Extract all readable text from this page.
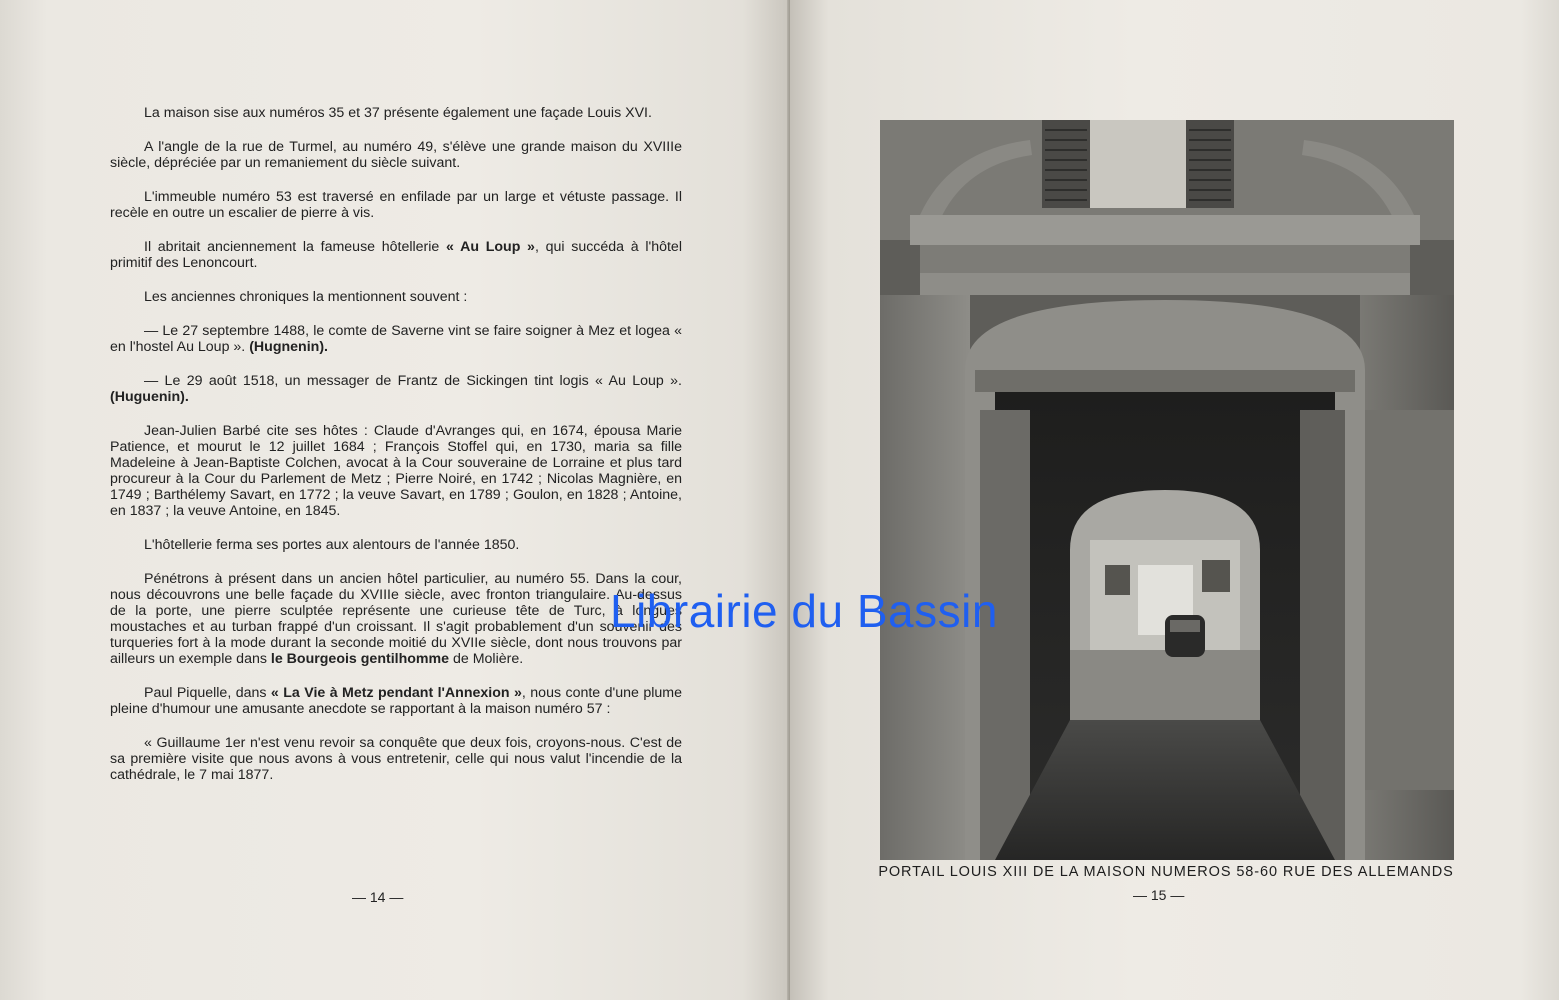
La maison sise aux numéros 35 et 37 présente également une façade Louis XVI.

A l'angle de la rue de Turmel, au numéro 49, s'élève une grande maison du XVIIIe siècle, dépréciée par un remaniement du siècle suivant.

L'immeuble numéro 53 est traversé en enfilade par un large et vétuste passage. Il recèle en outre un escalier de pierre à vis.

Il abritait anciennement la fameuse hôtellerie « Au Loup », qui succéda à l'hôtel primitif des Lenoncourt.

Les anciennes chroniques la mentionnent souvent :

— Le 27 septembre 1488, le comte de Saverne vint se faire soigner à Mez et logea « en l'hostel Au Loup ». (Hugnenin).

— Le 29 août 1518, un messager de Frantz de Sickingen tint logis « Au Loup ». (Huguenin).

Jean-Julien Barbé cite ses hôtes : Claude d'Avranges qui, en 1674, épousa Marie Patience, et mourut le 12 juillet 1684 ; François Stoffel qui, en 1730, maria sa fille Madeleine à Jean-Baptiste Colchen, avocat à la Cour souveraine de Lorraine et plus tard procureur à la Cour du Parlement de Metz ; Pierre Noiré, en 1742 ; Nicolas Magnière, en 1749 ; Barthélemy Savart, en 1772 ; la veuve Savart, en 1789 ; Goulon, en 1828 ; Antoine, en 1837 ; la veuve Antoine, en 1845.

L'hôtellerie ferma ses portes aux alentours de l'année 1850.

Pénétrons à présent dans un ancien hôtel particulier, au numéro 55. Dans la cour, nous découvrons une belle façade du XVIIIe siècle, avec fronton triangulaire. Au-dessus de la porte, une pierre sculptée représente une curieuse tête de Turc, à longues moustaches et au turban frappé d'un croissant. Il s'agit probablement d'un souvenir des turqueries fort à la mode durant la seconde moitié du XVIIe siècle, dont nous trouvons par ailleurs un exemple dans le Bourgeois gentilhomme de Molière.

Paul Piquelle, dans « La Vie à Metz pendant l'Annexion », nous conte d'une plume pleine d'humour une amusante anecdote se rapportant à la maison numéro 57 :

« Guillaume 1er n'est venu revoir sa conquête que deux fois, croyons-nous. C'est de sa première visite que nous avons à vous entretenir, celle qui nous valut l'incendie de la cathédrale, le 7 mai 1877.

— 14 —
PORTAIL LOUIS XIII DE LA MAISON NUMEROS 58-60 RUE DES ALLEMANDS
— 15 —
Librairie du Bassin
